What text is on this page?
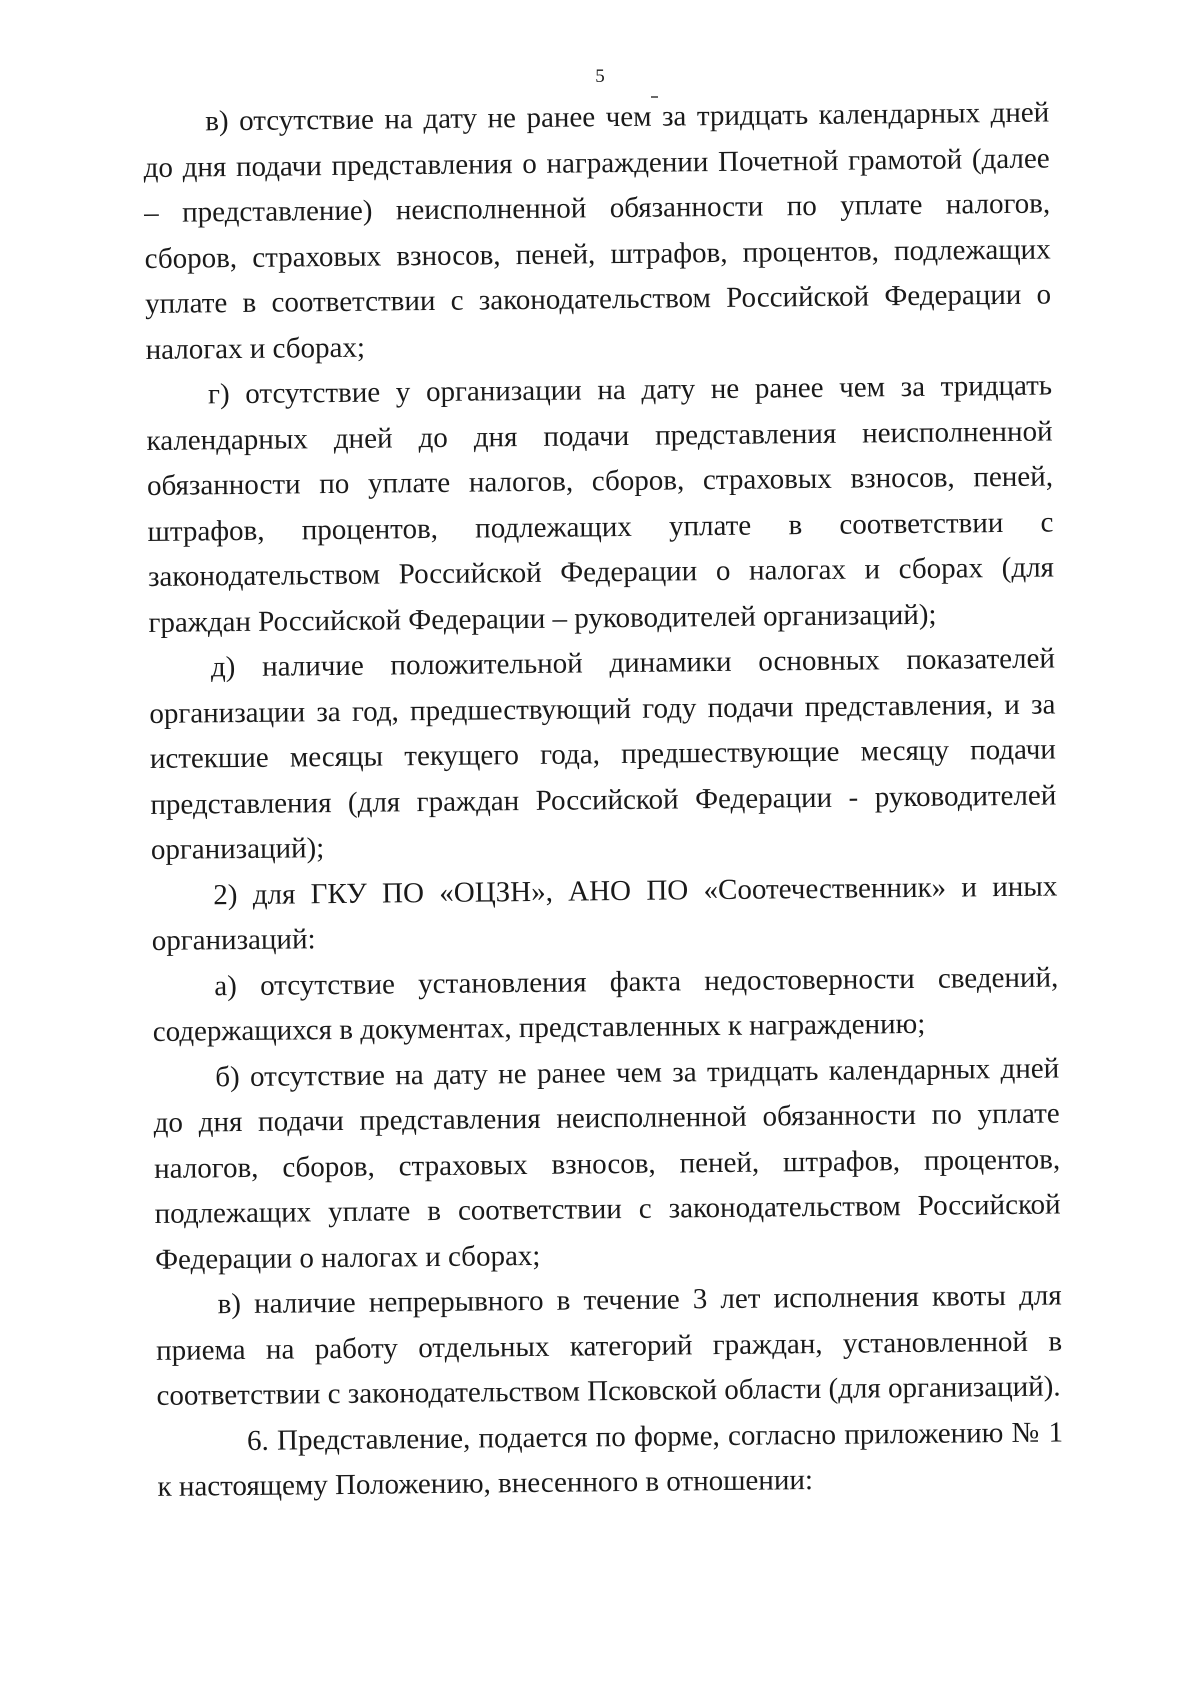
5

в) отсутствие на дату не ранее чем за тридцать календарных дней до дня подачи представления о награждении Почетной грамотой (далее – представление) неисполненной обязанности по уплате налогов, сборов, страховых взносов, пеней, штрафов, процентов, подлежащих уплате в соответствии с законодательством Российской Федерации о налогах и сборах;

г) отсутствие у организации на дату не ранее чем за тридцать календарных дней до дня подачи представления неисполненной обязанности по уплате налогов, сборов, страховых взносов, пеней, штрафов, процентов, подлежащих уплате в соответствии с законодательством Российской Федерации о налогах и сборах (для граждан Российской Федерации – руководителей организаций);

д) наличие положительной динамики основных показателей организации за год, предшествующий году подачи представления, и за истекшие месяцы текущего года, предшествующие месяцу подачи представления (для граждан Российской Федерации - руководителей организаций);

2) для ГКУ ПО «ОЦЗН», АНО ПО «Соотечественник» и иных организаций:

а) отсутствие установления факта недостоверности сведений, содержащихся в документах, представленных к награждению;

б) отсутствие на дату не ранее чем за тридцать календарных дней до дня подачи представления неисполненной обязанности по уплате налогов, сборов, страховых взносов, пеней, штрафов, процентов, подлежащих уплате в соответствии с законодательством Российской Федерации о налогах и сборах;

в) наличие непрерывного в течение 3 лет исполнения квоты для приема на работу отдельных категорий граждан, установленной в соответствии с законодательством Псковской области (для организаций).

6. Представление, подается по форме, согласно приложению № 1 к настоящему Положению, внесенного в отношении:
